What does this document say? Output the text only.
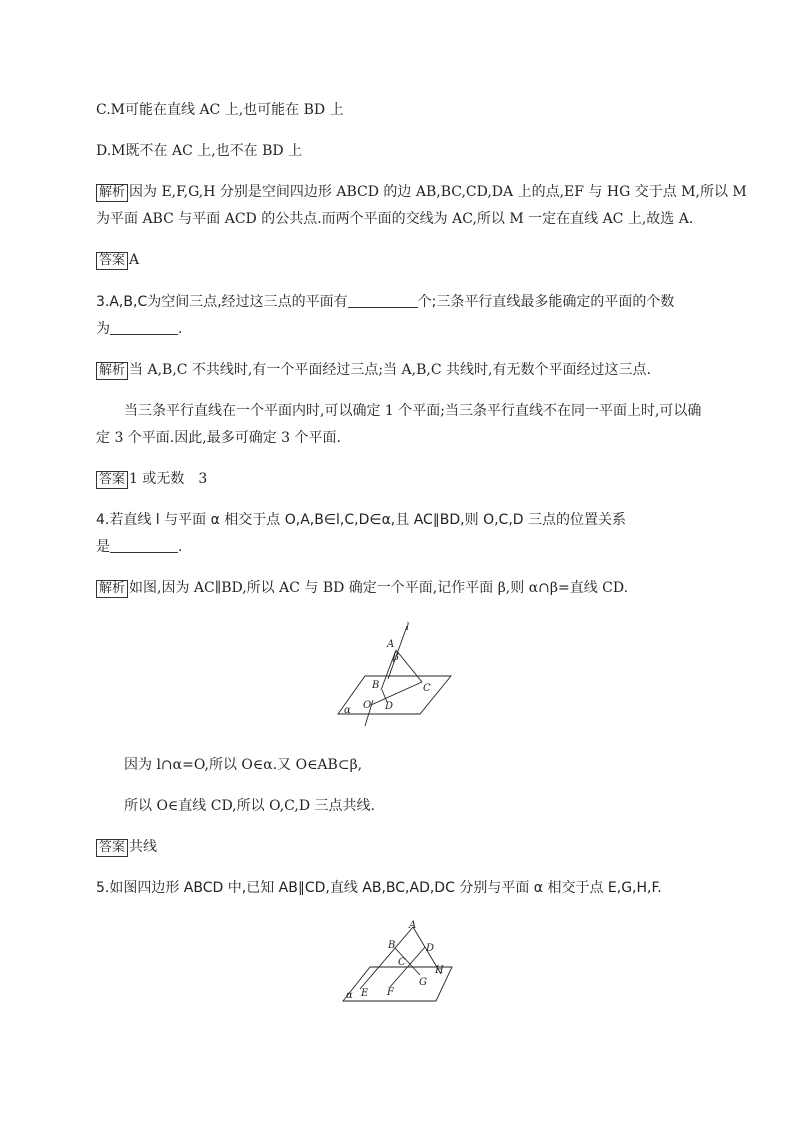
C.M可能在直线 AC 上,也可能在 BD 上
D.M既不在 AC 上,也不在 BD 上
解析 因为 E,F,G,H 分别是空间四边形 ABCD 的边 AB,BC,CD,DA 上的点,EF 与 HG 交于点 M,所以 M
为平面 ABC 与平面 ACD 的公共点.而两个平面的交线为 AC,所以 M 一定在直线 AC 上,故选 A.
答案 A
3.A,B,C为空间三点,经过这三点的平面有	个;三条平行直线最多能确定的平面的个数
为	.
解析 当 A,B,C 不共线时,有一个平面经过三点;当 A,B,C 共线时,有无数个平面经过这三点.
当三条平行直线在一个平面内时,可以确定 1 个平面;当三条平行直线不在同一平面上时,可以确
定 3 个平面.因此,最多可确定 3 个平面.
答案 1 或无数　3
4.若直线 l 与平面 α 相交于点 O,A,B∈l,C,D∈α,且 AC∥BD,则 O,C,D 三点的位置关系
是	.
解析 如图,因为 AC∥BD,所以 AC 与 BD 确定一个平面,记作平面 β,则 α∩β=直线 CD.
l
A
β
B	C
O D
α
因为 l∩α=O,所以 O∈α.又 O∈AB⊂β,
所以 O∈直线 CD,所以 O,C,D 三点共线.
答案 共线
5.如图四边形 ABCD 中,已知 AB∥CD,直线 AB,BC,AD,DC 分别与平面 α 相交于点 E,G,H,F.
A
B	D
C
H
G
E F
α
